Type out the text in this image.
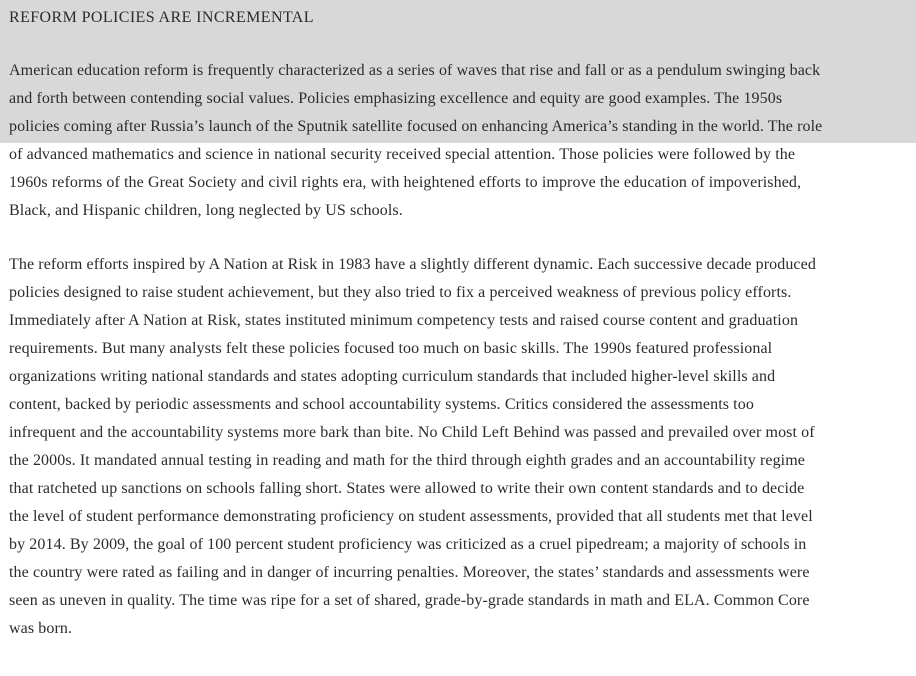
REFORM POLICIES ARE INCREMENTAL
American education reform is frequently characterized as a series of waves that rise and fall or as a pendulum swinging back
and forth between contending social values. Policies emphasizing excellence and equity are good examples. The 1950s
policies coming after Russia’s launch of the Sputnik satellite focused on enhancing America’s standing in the world. The role
of advanced mathematics and science in national security received special attention. Those policies were followed by the
1960s reforms of the Great Society and civil rights era, with heightened efforts to improve the education of impoverished,
Black, and Hispanic children, long neglected by US schools.
The reform efforts inspired by A Nation at Risk in 1983 have a slightly different dynamic. Each successive decade produced
policies designed to raise student achievement, but they also tried to fix a perceived weakness of previous policy efforts.
Immediately after A Nation at Risk, states instituted minimum competency tests and raised course content and graduation
requirements. But many analysts felt these policies focused too much on basic skills. The 1990s featured professional
organizations writing national standards and states adopting curriculum standards that included higher-level skills and
content, backed by periodic assessments and school accountability systems. Critics considered the assessments too
infrequent and the accountability systems more bark than bite. No Child Left Behind was passed and prevailed over most of
the 2000s. It mandated annual testing in reading and math for the third through eighth grades and an accountability regime
that ratcheted up sanctions on schools falling short. States were allowed to write their own content standards and to decide
the level of student performance demonstrating proficiency on student assessments, provided that all students met that level
by 2014. By 2009, the goal of 100 percent student proficiency was criticized as a cruel pipedream; a majority of schools in
the country were rated as failing and in danger of incurring penalties. Moreover, the states’ standards and assessments were
seen as uneven in quality. The time was ripe for a set of shared, grade-by-grade standards in math and ELA. Common Core
was born.
